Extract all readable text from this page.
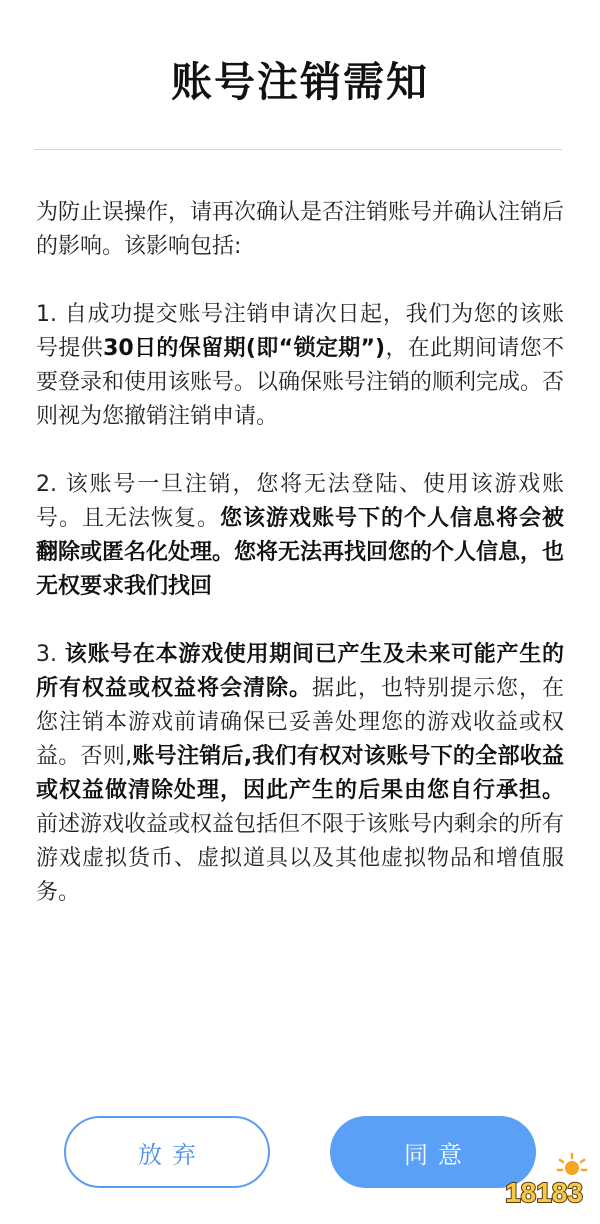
账号注销需知

为防止误操作，请再次确认是否注销账号并确认注销后的影响。该影响包括:

1. 自成功提交账号注销申请次日起，我们为您的该账号提供30日的保留期(即“锁定期”)，在此期间请您不要登录和使用该账号。以确保账号注销的顺利完成。否则视为您撤销注销申请。

2. 该账号一旦注销，您将无法登陆、使用该游戏账号。且无法恢复。您该游戏账号下的个人信息将会被翻除或匿名化处理。您将无法再找回您的个人信息，也无权要求我们找回

3. 该账号在本游戏使用期间已产生及未来可能产生的所有权益或权益将会清除。据此，也特别提示您，在您注销本游戏前请确保已妥善处理您的游戏收益或权益。否则,账号注销后,我们有权对该账号下的全部收益或权益做清除处理，因此产生的后果由您自行承担。前述游戏收益或权益包括但不限于该账号内剩余的所有游戏虚拟货币、虚拟道具以及其他虚拟物品和增值服务。

放弃	同意
18183
